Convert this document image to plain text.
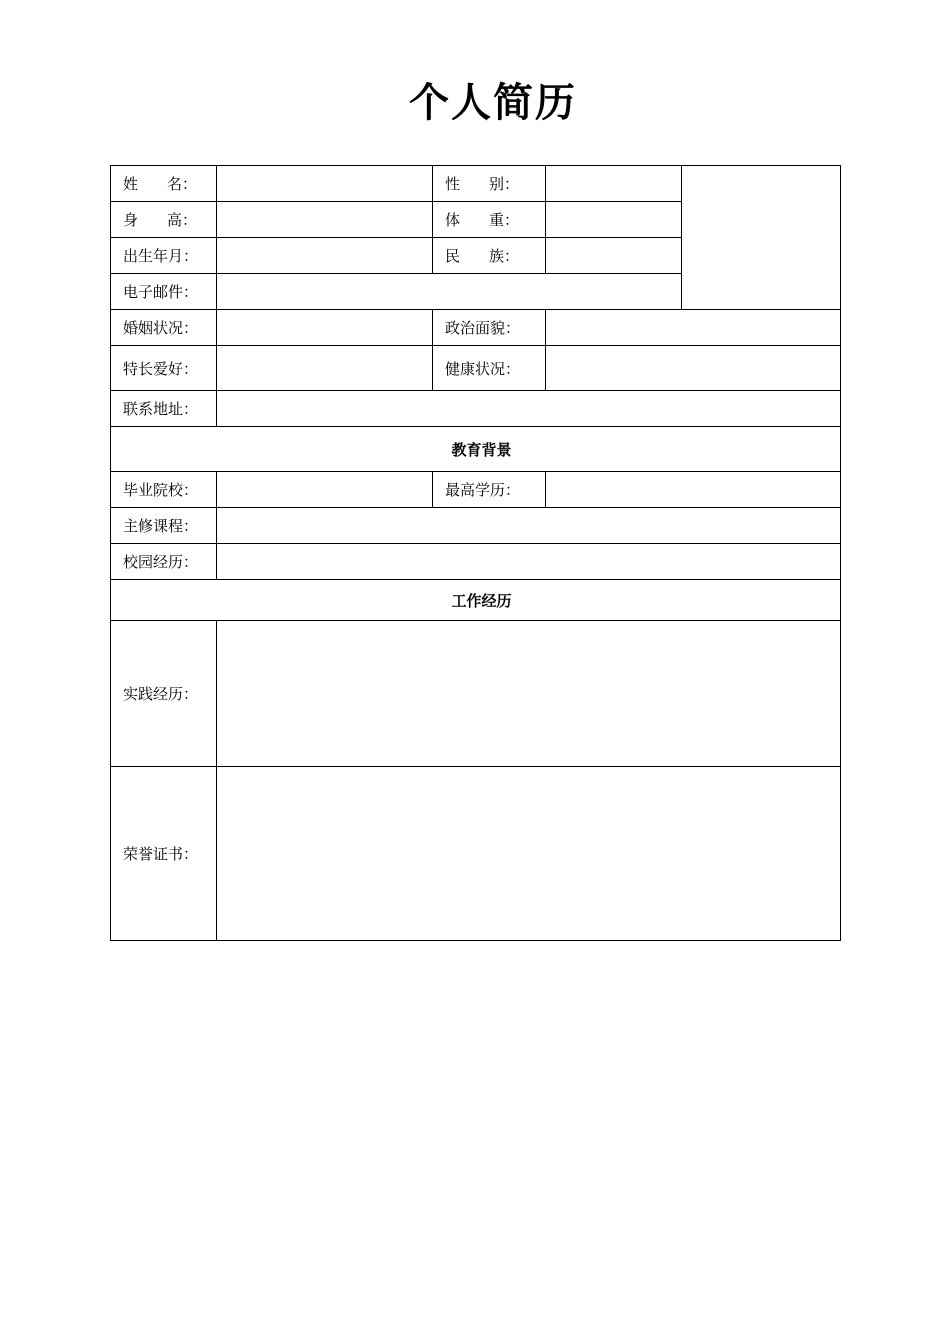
个人简历
姓 名：		性 别：		

身 高：		体 重：		

出生年月：		民 族：		

电子邮件：				
婚姻状况：		政治面貌：		
特长爱好：		健康状况：		
联系地址：				
教育背景				
毕业院校：		最高学历：		
主修课程：				
校园经历：				
工作经历				
实践经历：				
荣誉证书：				
